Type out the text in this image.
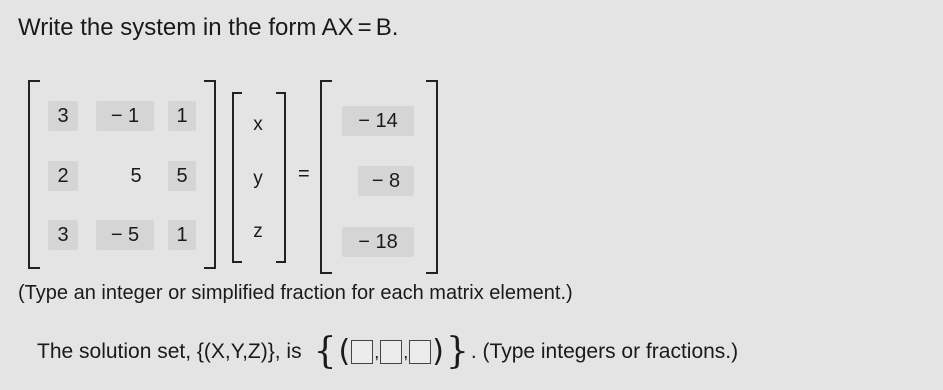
Write the system in the form AX = B.
3	− 1	1
2	5	5
3	− 5	1
x
y
z
=
− 14
− 8
− 18
(Type an integer or simplified fraction for each matrix element.)
The solution set, {(X,Y,Z)}, is { ( , , ) } . (Type integers or fractions.)
